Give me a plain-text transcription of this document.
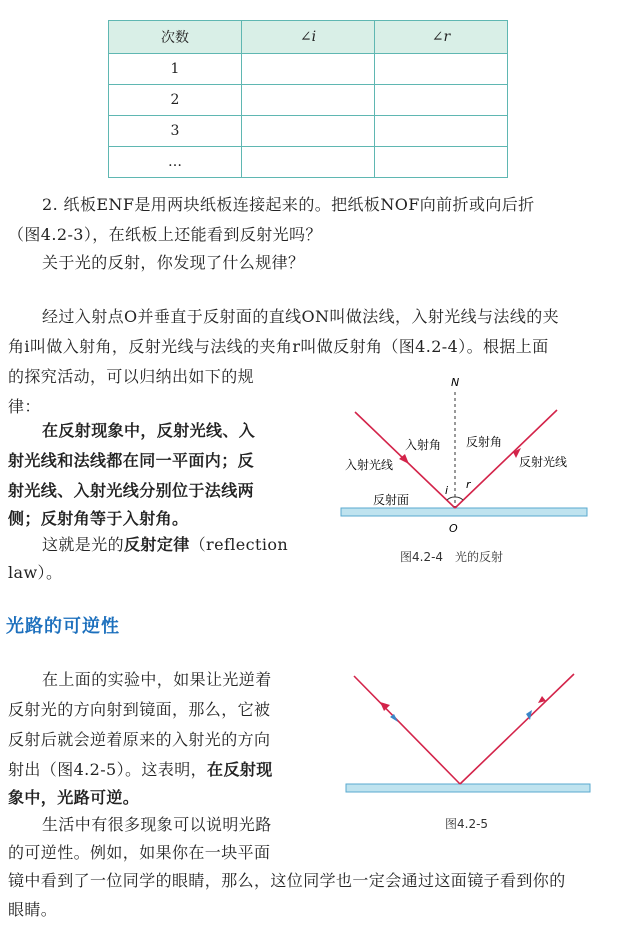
次数	∠i	∠r
1		
2		
3		
…		
2. 纸板ENF是用两块纸板连接起来的。把纸板NOF向前折或向后折
（图4.2-3），在纸板上还能看到反射光吗？
关于光的反射，你发现了什么规律？
经过入射点O并垂直于反射面的直线ON叫做法线，入射光线与法线的夹
角i叫做入射角，反射光线与法线的夹角r叫做反射角（图4.2-4）。根据上面
的探究活动，可以归纳出如下的规
律：
在反射现象中，反射光线、入
射光线和法线都在同一平面内；反
射光线、入射光线分别位于法线两
侧；反射角等于入射角。
这就是光的反射定律（reflection
law）。
N
O
i r
入射角 反射角
入射光线	反射光线
反射面
图4.2-4　光的反射
光路的可逆性
在上面的实验中，如果让光逆着
反射光的方向射到镜面，那么，它被
反射后就会逆着原来的入射光的方向
射出（图4.2-5）。这表明，在反射现
象中，光路可逆。
生活中有很多现象可以说明光路
的可逆性。例如，如果你在一块平面
镜中看到了一位同学的眼睛，那么，这位同学也一定会通过这面镜子看到你的
眼睛。
图4.2-5
